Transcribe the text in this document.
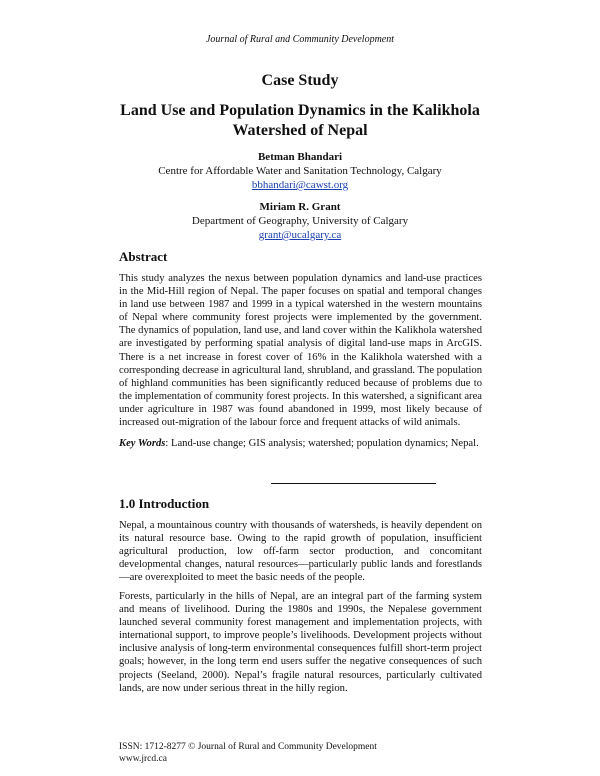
Journal of Rural and Community Development
Case Study
Land Use and Population Dynamics in the Kalikhola Watershed of Nepal
Betman Bhandari
Centre for Affordable Water and Sanitation Technology, Calgary
bbhandari@cawst.org
Miriam R. Grant
Department of Geography, University of Calgary
grant@ucalgary.ca
Abstract

This study analyzes the nexus between population dynamics and land-use practices in the Mid-Hill region of Nepal. The paper focuses on spatial and temporal changes in land use between 1987 and 1999 in a typical watershed in the western mountains of Nepal where community forest projects were implemented by the government. The dynamics of population, land use, and land cover within the Kalikhola watershed are investigated by performing spatial analysis of digital land-use maps in ArcGIS. There is a net increase in forest cover of 16% in the Kalikhola watershed with a corresponding decrease in agricultural land, shrubland, and grassland. The population of highland communities has been significantly reduced because of problems due to the implementation of community forest projects. In this watershed, a significant area under agriculture in 1987 was found abandoned in 1999, most likely because of increased out-migration of the labour force and frequent attacks of wild animals.

Key Words: Land-use change; GIS analysis; watershed; population dynamics; Nepal.

1.0 Introduction

Nepal, a mountainous country with thousands of watersheds, is heavily dependent on its natural resource base. Owing to the rapid growth of population, insufficient agricultural production, low off-farm sector production, and concomitant developmental changes, natural resources—particularly public lands and forestlands—are overexploited to meet the basic needs of the people.

Forests, particularly in the hills of Nepal, are an integral part of the farming system and means of livelihood. During the 1980s and 1990s, the Nepalese government launched several community forest management and implementation projects, with international support, to improve people’s livelihoods. Development projects without inclusive analysis of long-term environmental consequences fulfill short-term project goals; however, in the long term end users suffer the negative consequences of such projects (Seeland, 2000). Nepal’s fragile natural resources, particularly cultivated lands, are now under serious threat in the hilly region.

ISSN: 1712-8277 © Journal of Rural and Community Development
www.jrcd.ca
